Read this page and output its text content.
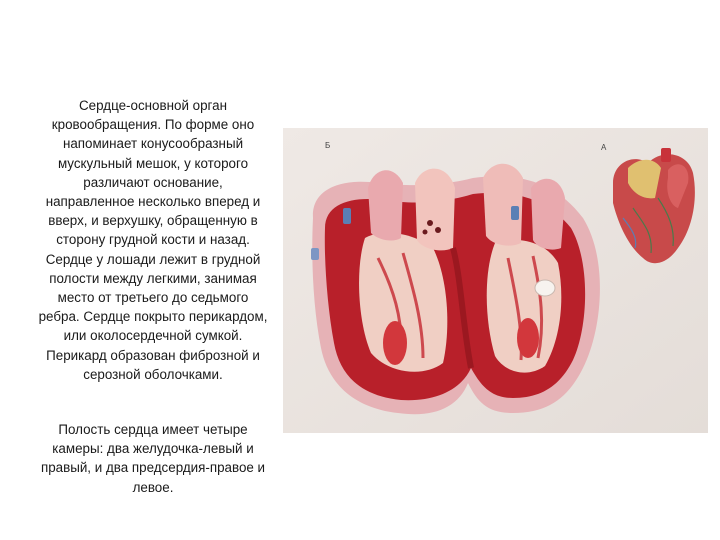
Сердце-основной орган кровообращения. По форме оно напоминает конусообразный мускульный мешок, у которого различают основание, направленное несколько вперед и вверх, и верхушку, обращенную в сторону грудной кости и назад. Сердце у лошади лежит в грудной полости между легкими, занимая место от третьего до седьмого ребра. Сердце покрыто перикардом, или околосердечной сумкой. Перикард образован фиброзной и серозной оболочками.

Полость сердца имеет четыре камеры: два желудочка-левый и правый, и два предсердия-правое и левое.

Б	А
